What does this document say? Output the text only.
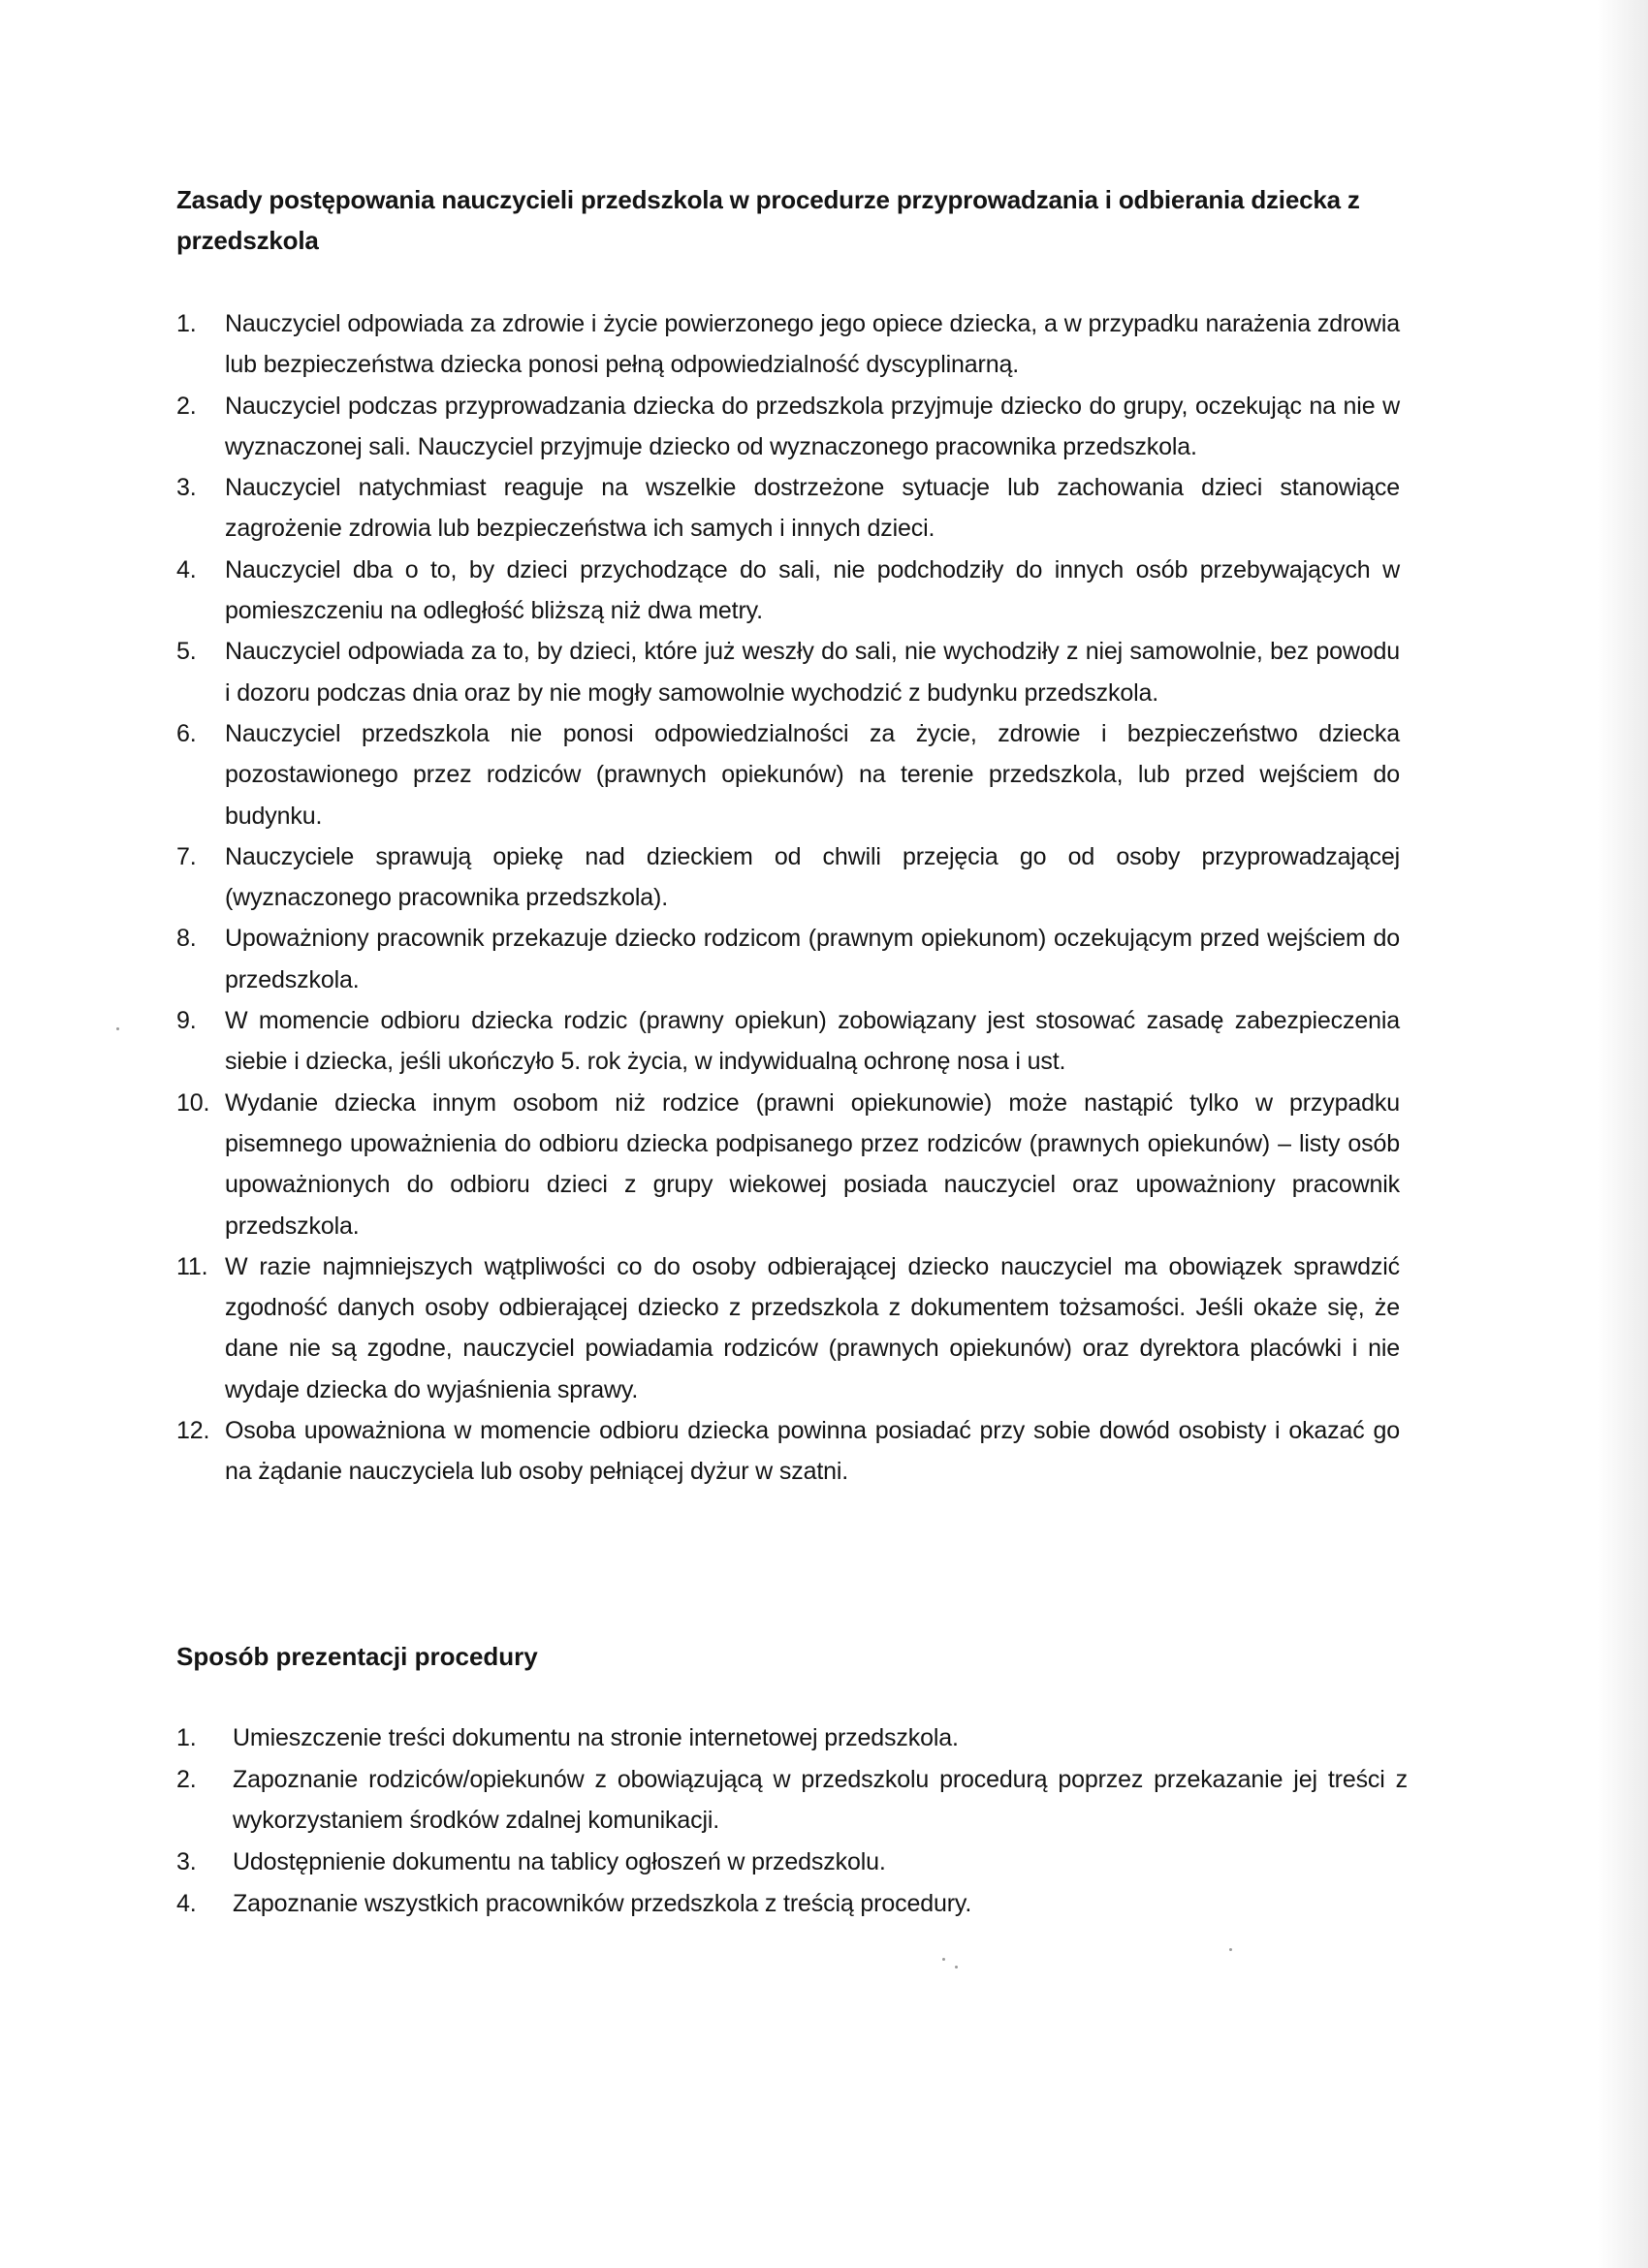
Zasady postępowania nauczycieli przedszkola w procedurze przyprowadzania i odbierania dziecka z przedszkola
1. Nauczyciel odpowiada za zdrowie i życie powierzonego jego opiece dziecka, a w przypadku narażenia zdrowia lub bezpieczeństwa dziecka ponosi pełną odpowiedzialność dyscyplinarną.
2. Nauczyciel podczas przyprowadzania dziecka do przedszkola przyjmuje dziecko do grupy, oczekując na nie w wyznaczonej sali. Nauczyciel przyjmuje dziecko od wyznaczonego pracownika przedszkola.
3. Nauczyciel natychmiast reaguje na wszelkie dostrzeżone sytuacje lub zachowania dzieci stanowiące zagrożenie zdrowia lub bezpieczeństwa ich samych i innych dzieci.
4. Nauczyciel dba o to, by dzieci przychodzące do sali, nie podchodziły do innych osób przebywających w pomieszczeniu na odległość bliższą niż dwa metry.
5. Nauczyciel odpowiada za to, by dzieci, które już weszły do sali, nie wychodziły z niej samowolnie, bez powodu i dozoru podczas dnia oraz by nie mogły samowolnie wychodzić z budynku przedszkola.
6. Nauczyciel przedszkola nie ponosi odpowiedzialności za życie, zdrowie i bezpieczeństwo dziecka pozostawionego przez rodziców (prawnych opiekunów) na terenie przedszkola, lub przed wejściem do budynku.
7. Nauczyciele sprawują opiekę nad dzieckiem od chwili przejęcia go od osoby przyprowadzającej (wyznaczonego pracownika przedszkola).
8. Upoważniony pracownik przekazuje dziecko rodzicom (prawnym opiekunom) oczekującym przed wejściem do przedszkola.
9. W momencie odbioru dziecka rodzic (prawny opiekun) zobowiązany jest stosować zasadę zabezpieczenia siebie i dziecka, jeśli ukończyło 5. rok życia, w indywidualną ochronę nosa i ust.
10. Wydanie dziecka innym osobom niż rodzice (prawni opiekunowie) może nastąpić tylko w przypadku pisemnego upoważnienia do odbioru dziecka podpisanego przez rodziców (prawnych opiekunów) – listy osób upoważnionych do odbioru dzieci z grupy wiekowej posiada nauczyciel oraz upoważniony pracownik przedszkola.
11. W razie najmniejszych wątpliwości co do osoby odbierającej dziecko nauczyciel ma obowiązek sprawdzić zgodność danych osoby odbierającej dziecko z przedszkola z dokumentem tożsamości. Jeśli okaże się, że dane nie są zgodne, nauczyciel powiadamia rodziców (prawnych opiekunów) oraz dyrektora placówki i nie wydaje dziecka do wyjaśnienia sprawy.
12. Osoba upoważniona w momencie odbioru dziecka powinna posiadać przy sobie dowód osobisty i okazać go na żądanie nauczyciela lub osoby pełniącej dyżur w szatni.
Sposób prezentacji procedury
1. Umieszczenie treści dokumentu na stronie internetowej przedszkola.
2. Zapoznanie rodziców/opiekunów z obowiązującą w przedszkolu procedurą poprzez przekazanie jej treści z wykorzystaniem środków zdalnej komunikacji.
3. Udostępnienie dokumentu na tablicy ogłoszeń w przedszkolu.
4. Zapoznanie wszystkich pracowników przedszkola z treścią procedury.
